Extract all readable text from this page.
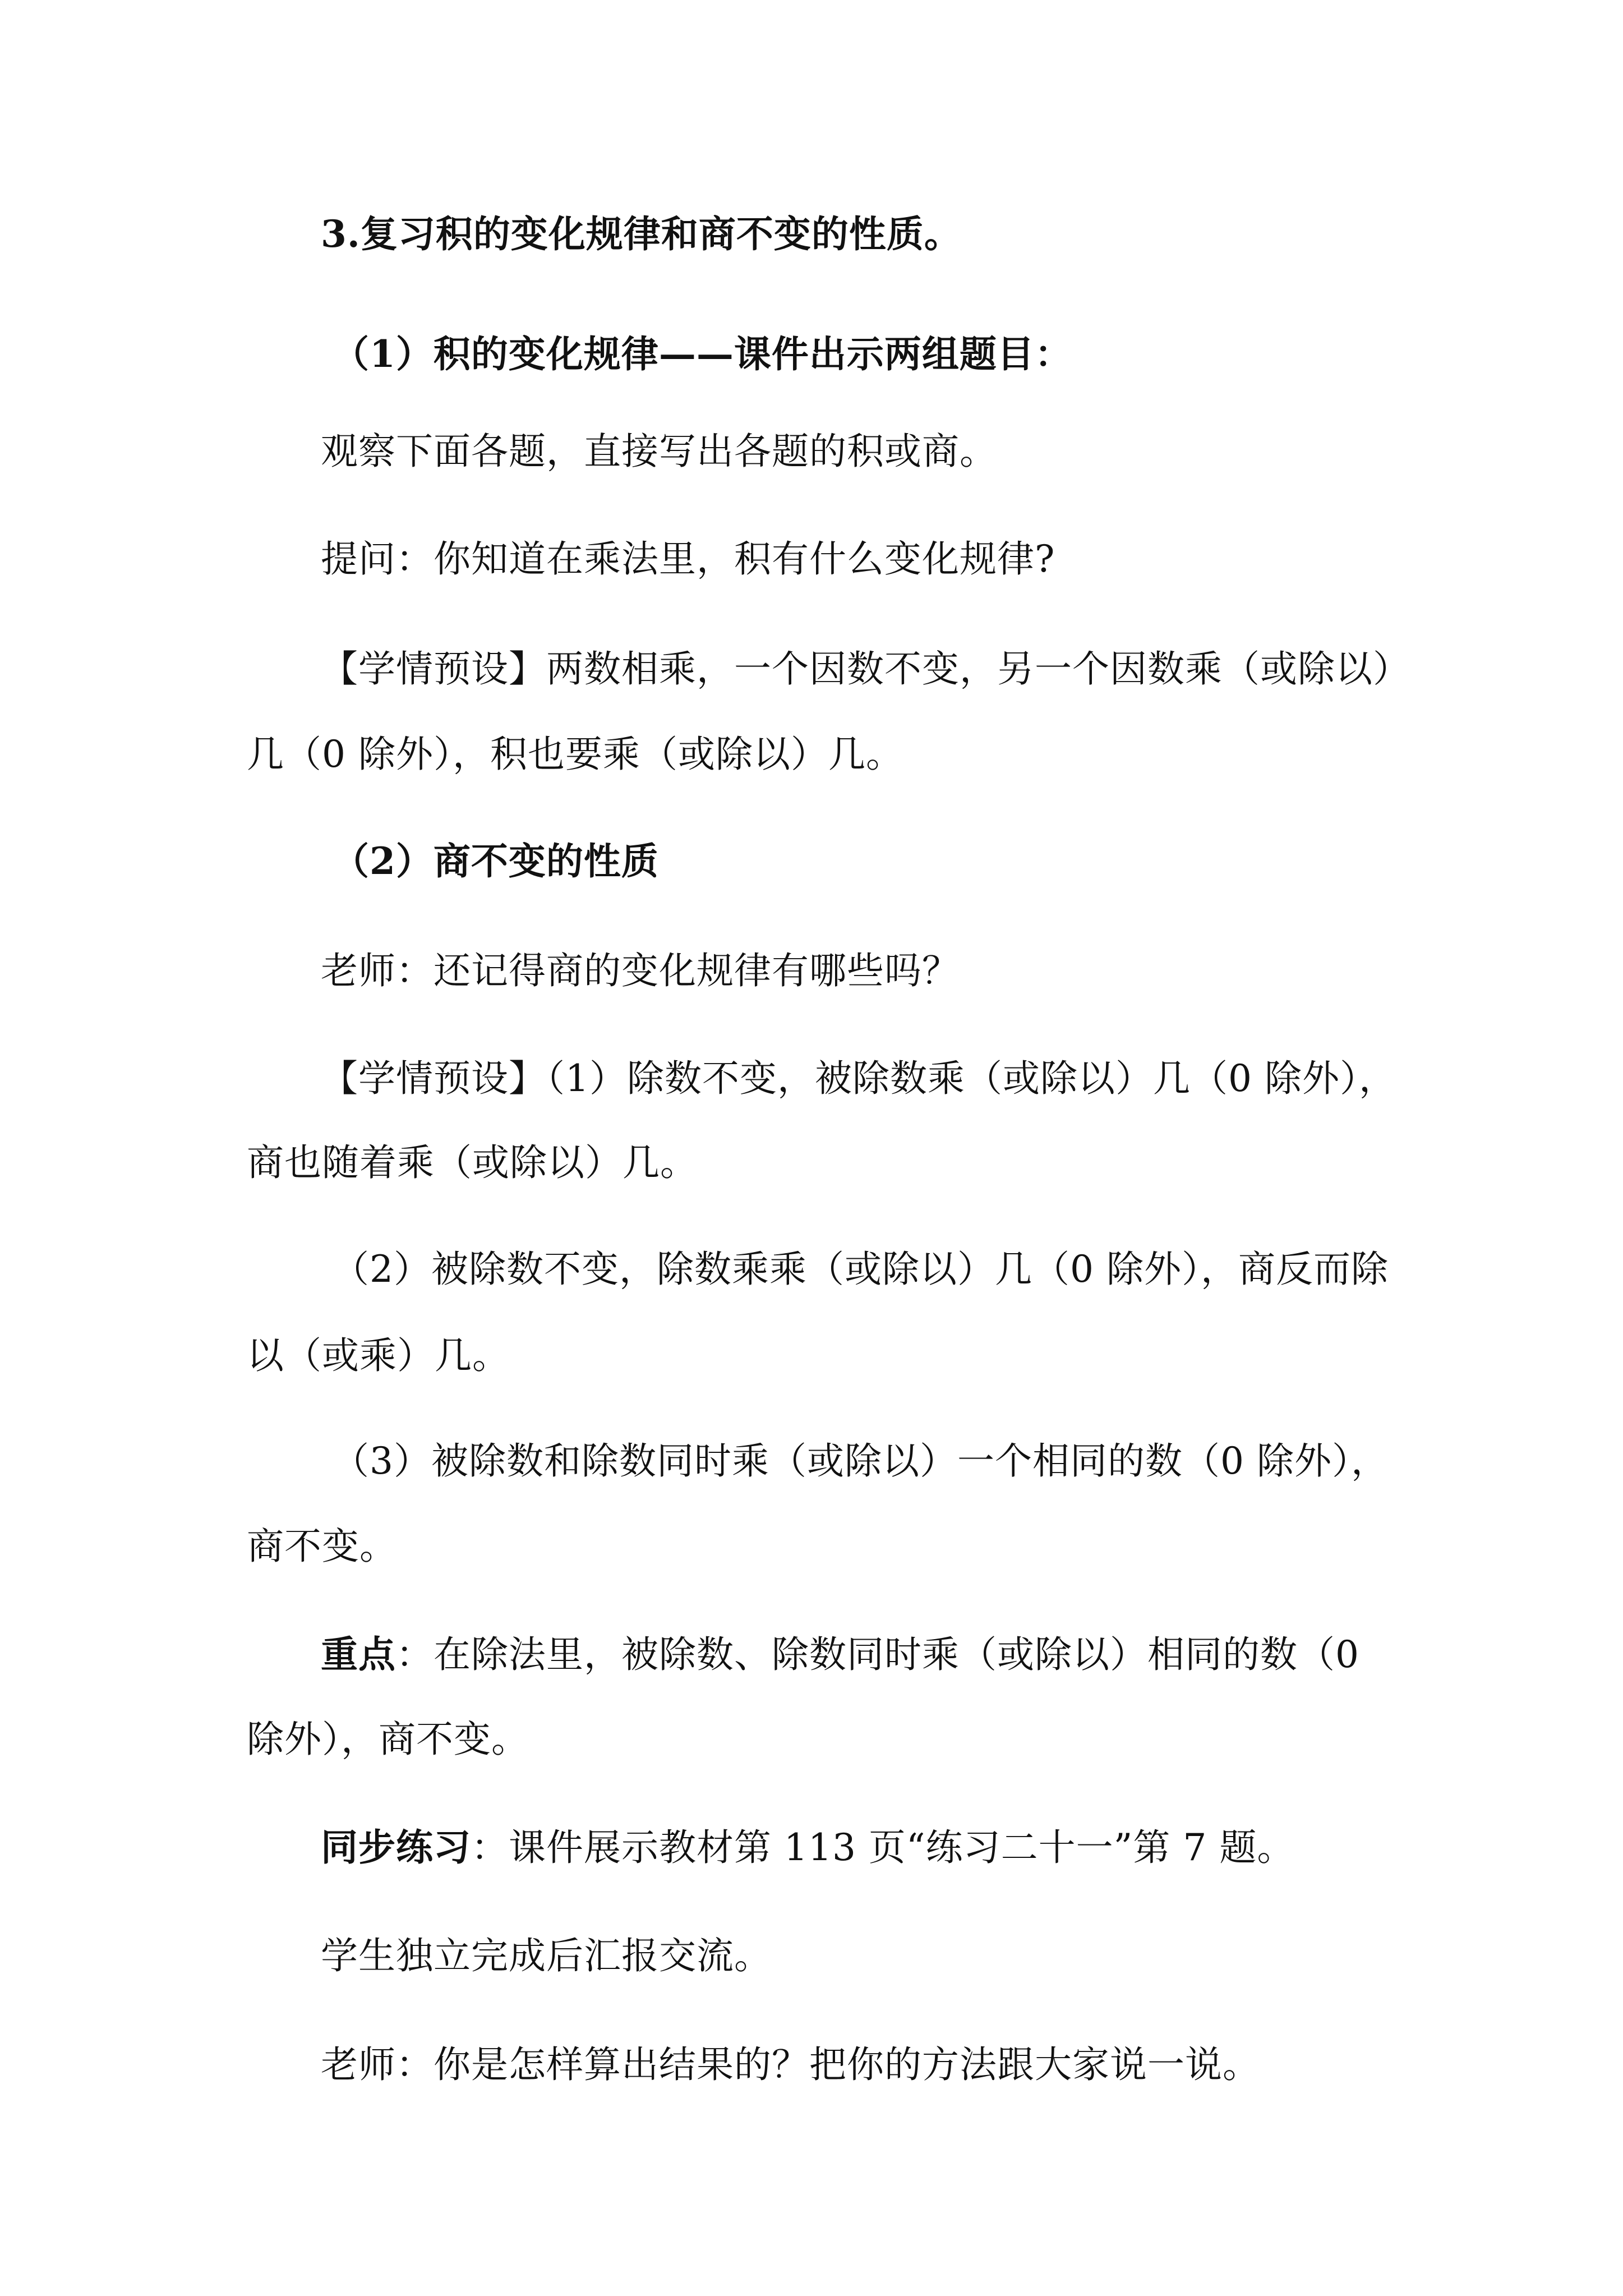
3.复习积的变化规律和商不变的性质。
（1）积的变化规律——课件出示两组题目：
观察下面各题，直接写出各题的积或商。
提问：你知道在乘法里，积有什么变化规律?
【学情预设】两数相乘，一个因数不变，另一个因数乘（或除以）
几（0 除外），积也要乘（或除以）几。
（2）商不变的性质
老师：还记得商的变化规律有哪些吗？
【学情预设】（1）除数不变，被除数乘（或除以）几（0 除外），
商也随着乘（或除以）几。
（2）被除数不变，除数乘乘（或除以）几（0 除外），商反而除
以（或乘）几。
（3）被除数和除数同时乘（或除以）一个相同的数（0 除外），
商不变。
重点：在除法里，被除数、除数同时乘（或除以）相同的数（0
除外），商不变。
同步练习：课件展示教材第 113 页“练习二十一”第 7 题。
学生独立完成后汇报交流。
老师：你是怎样算出结果的？把你的方法跟大家说一说。
